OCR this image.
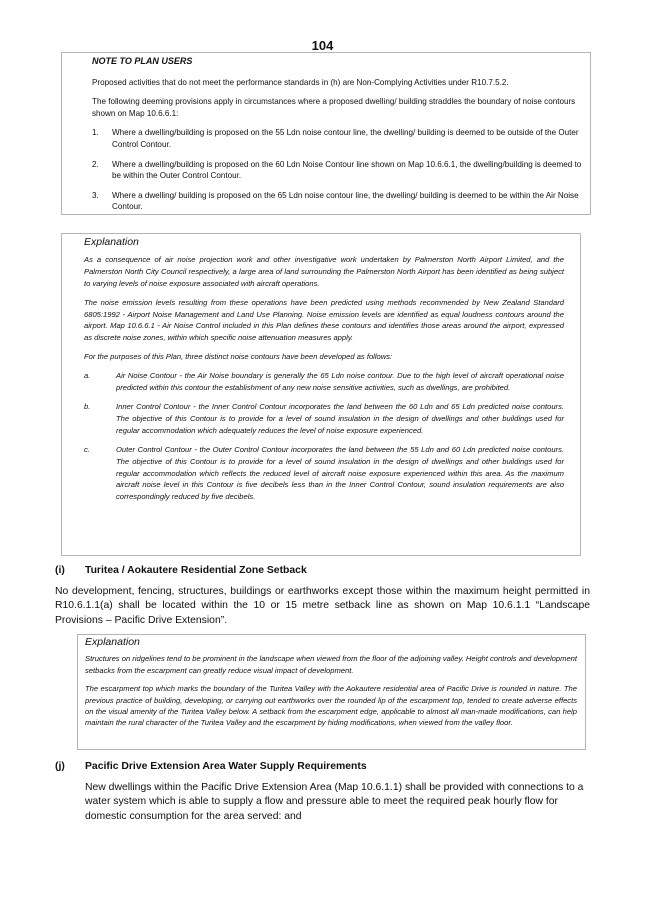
104
NOTE TO PLAN USERS

Proposed activities that do not meet the performance standards in (h) are Non-Complying Activities under R10.7.5.2.

The following deeming provisions apply in circumstances where a proposed dwelling/ building straddles the boundary of noise contours shown on Map 10.6.6.1:

1. Where a dwelling/building is proposed on the 55 Ldn noise contour line, the dwelling/ building is deemed to be outside of the Outer Control Contour.
2. Where a dwelling/building is proposed on the 60 Ldn Noise Contour line shown on Map 10.6.6.1, the dwelling/building is deemed to be within the Outer Control Contour.
3. Where a dwelling/ building is proposed on the 65 Ldn noise contour line, the dwelling/ building is deemed to be within the Air Noise Contour.
Explanation

As a consequence of air noise projection work and other investigative work undertaken by Palmerston North Airport Limited, and the Palmerston North City Council respectively, a large area of land surrounding the Palmerston North Airport has been identified as being subject to varying levels of noise exposure associated with aircraft operations.

The noise emission levels resulting from these operations have been predicted using methods recommended by New Zealand Standard 6805:1992 - Airport Noise Management and Land Use Planning. Noise emission levels are identified as equal loudness contours around the airport. Map 10.6.6.1 - Air Noise Control included in this Plan defines these contours and identifies those areas around the airport, expressed as discrete noise zones, within which specific noise attenuation measures apply.

For the purposes of this Plan, three distinct noise contours have been developed as follows:

a.	Air Noise Contour - the Air Noise boundary is generally the 65 Ldn noise contour. Due to the high level of aircraft operational noise predicted within this contour the establishment of any new noise sensitive activities, such as dwellings, are prohibited.
b.	Inner Control Contour - the Inner Control Contour incorporates the land between the 60 Ldn and 65 Ldn predicted noise contours. The objective of this Contour is to provide for a level of sound insulation in the design of dwellings and other buildings used for regular accommodation which adequately reduces the level of noise exposure experienced.
c.	Outer Control Contour - the Outer Control Contour incorporates the land between the 55 Ldn and 60 Ldn predicted noise contours. The objective of this Contour is to provide for a level of sound insulation in the design of dwellings and other buildings used for regular accommodation which reflects the reduced level of aircraft noise exposure experienced within this area. As the maximum aircraft noise level in this Contour is five decibels less than in the Inner Control Contour, sound insulation requirements are also correspondingly reduced by five decibels.
(i) Turitea / Aokautere Residential Zone Setback

No development, fencing, structures, buildings or earthworks except those within the maximum height permitted in R10.6.1.1(a) shall be located within the 10 or 15 metre setback line as shown on Map 10.6.1.1 “Landscape Provisions – Pacific Drive Extension”.

Explanation

Structures on ridgelines tend to be prominent in the landscape when viewed from the floor of the adjoining valley. Height controls and development setbacks from the escarpment can greatly reduce visual impact of development.

The escarpment top which marks the boundary of the Turitea Valley with the Aokautere residential area of Pacific Drive is rounded in nature. The previous practice of building, developing, or carrying out earthworks over the rounded lip of the escarpment top, tended to create adverse effects on the visual amenity of the Turitea Valley below. A setback from the escarpment edge, applicable to almost all man-made modifications, can help maintain the rural character of the Turitea Valley and the escarpment by hiding modifications, when viewed from the valley floor.

(j) Pacific Drive Extension Area Water Supply Requirements

New dwellings within the Pacific Drive Extension Area (Map 10.6.1.1) shall be provided with connections to a water system which is able to supply a flow and pressure able to meet the required peak hourly flow for domestic consumption for the area served: and
